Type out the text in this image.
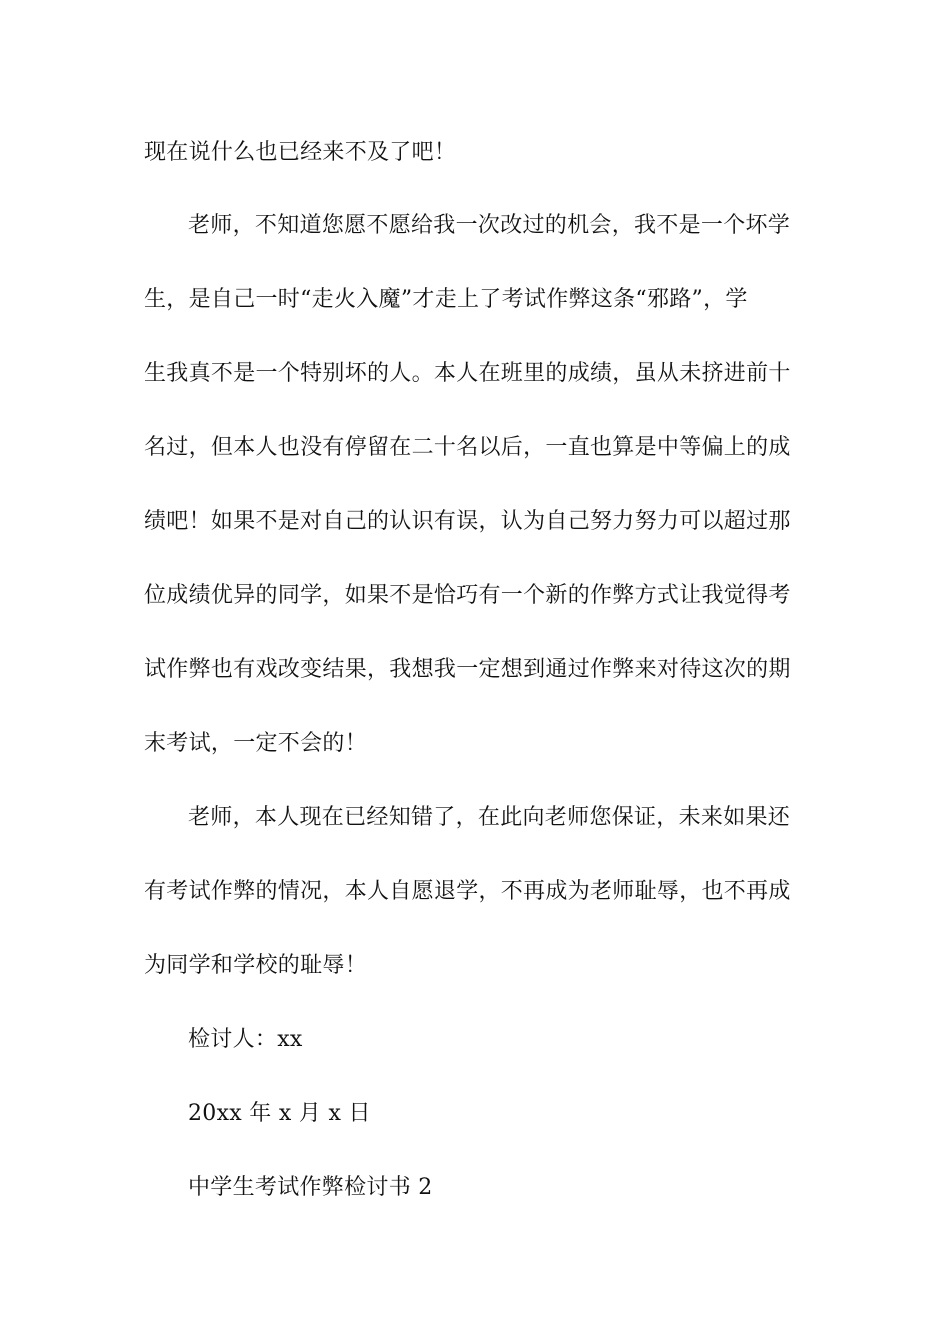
现在说什么也已经来不及了吧！

老师，不知道您愿不愿给我一次改过的机会，我不是一个坏学

生，是自己一时“走火入魔”才走上了考试作弊这条“邪路”，学

生我真不是一个特别坏的人。本人在班里的成绩，虽从未挤进前十

名过，但本人也没有停留在二十名以后，一直也算是中等偏上的成

绩吧！如果不是对自己的认识有误，认为自己努力努力可以超过那

位成绩优异的同学，如果不是恰巧有一个新的作弊方式让我觉得考

试作弊也有戏改变结果，我想我一定想到通过作弊来对待这次的期

末考试，一定不会的！

老师，本人现在已经知错了，在此向老师您保证，未来如果还

有考试作弊的情况，本人自愿退学，不再成为老师耻辱，也不再成

为同学和学校的耻辱！

检讨人：xx

20xx 年 x 月 x 日

中学生考试作弊检讨书 2
